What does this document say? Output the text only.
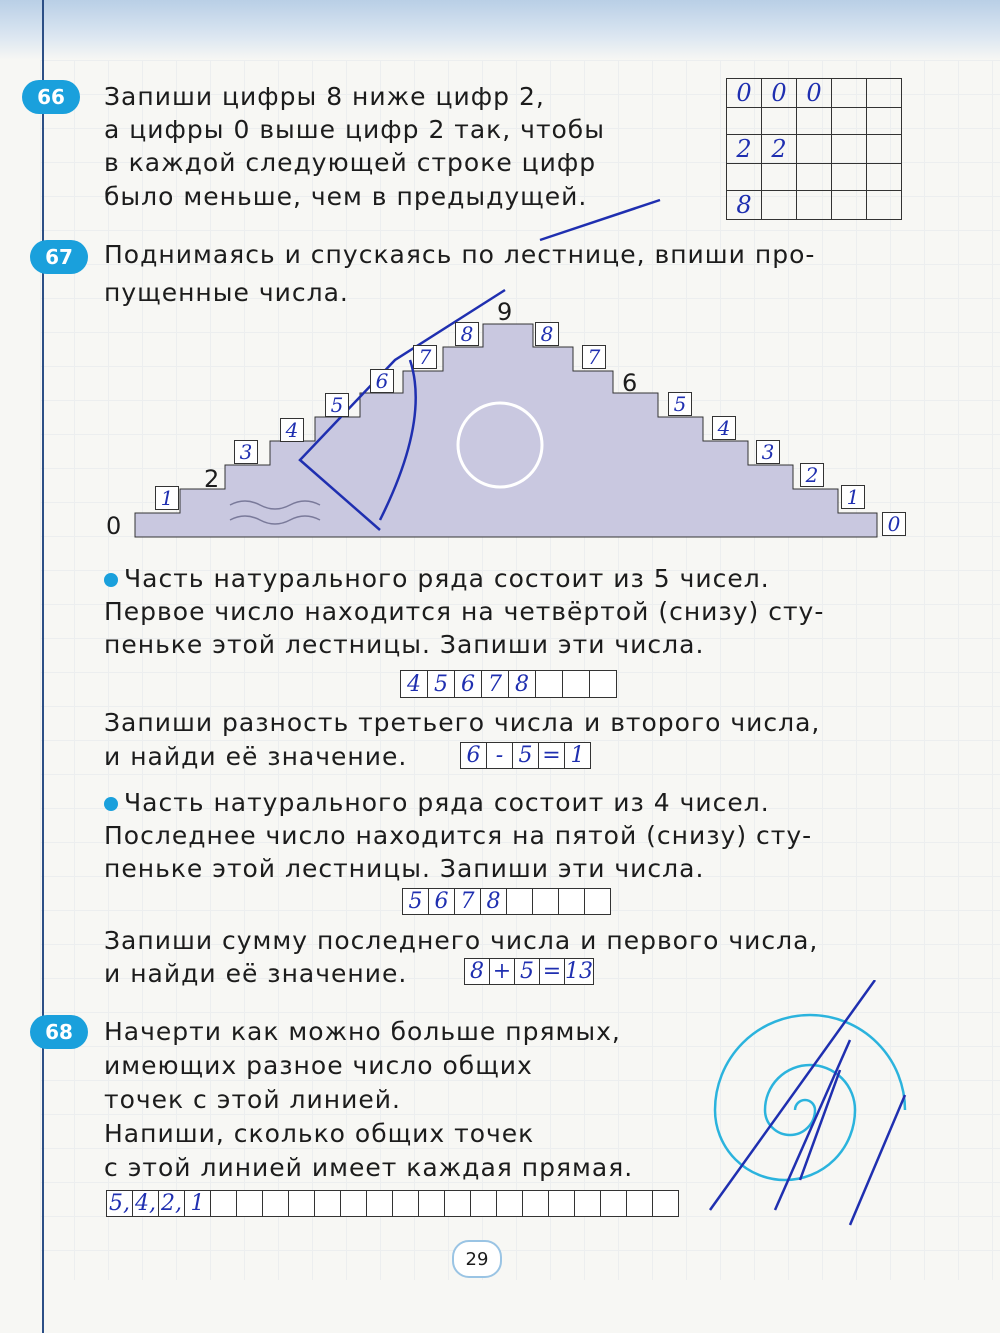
66 Запиши цифры 8 ниже цифр 2,
а цифры 0 выше цифр 2 так, чтобы
в каждой следующей строке цифр
было меньше, чем в предыдущей.
0	0	0		

2	2			

8				
67 Поднимаясь и спускаясь по лестнице, впиши про-
пущенные числа.
0
2
9
6
1
3
4
5
6
7
8	8
7
5
4
3
2
1
0
Часть натурального ряда состоит из 5 чисел.
Первое число находится на четвёртой (снизу) сту-
пеньке этой лестницы. Запиши эти числа.
4	5	6	7	8			
Запиши разность третьего числа и второго числа,
и найди её значение.	6	-	5	=	1
Часть натурального ряда состоит из 4 чисел.
Последнее число находится на пятой (снизу) сту-
пеньке этой лестницы. Запиши эти числа.
5	6	7	8				
Запиши сумму последнего числа и первого числа,
и найди её значение.	8	+	5	=	13
68 Начерти как можно больше прямых,
имеющих разное число общих
точек с этой линией.
Напиши, сколько общих точек
с этой линией имеет каждая прямая.
5,	4,	2,	1																		
29
